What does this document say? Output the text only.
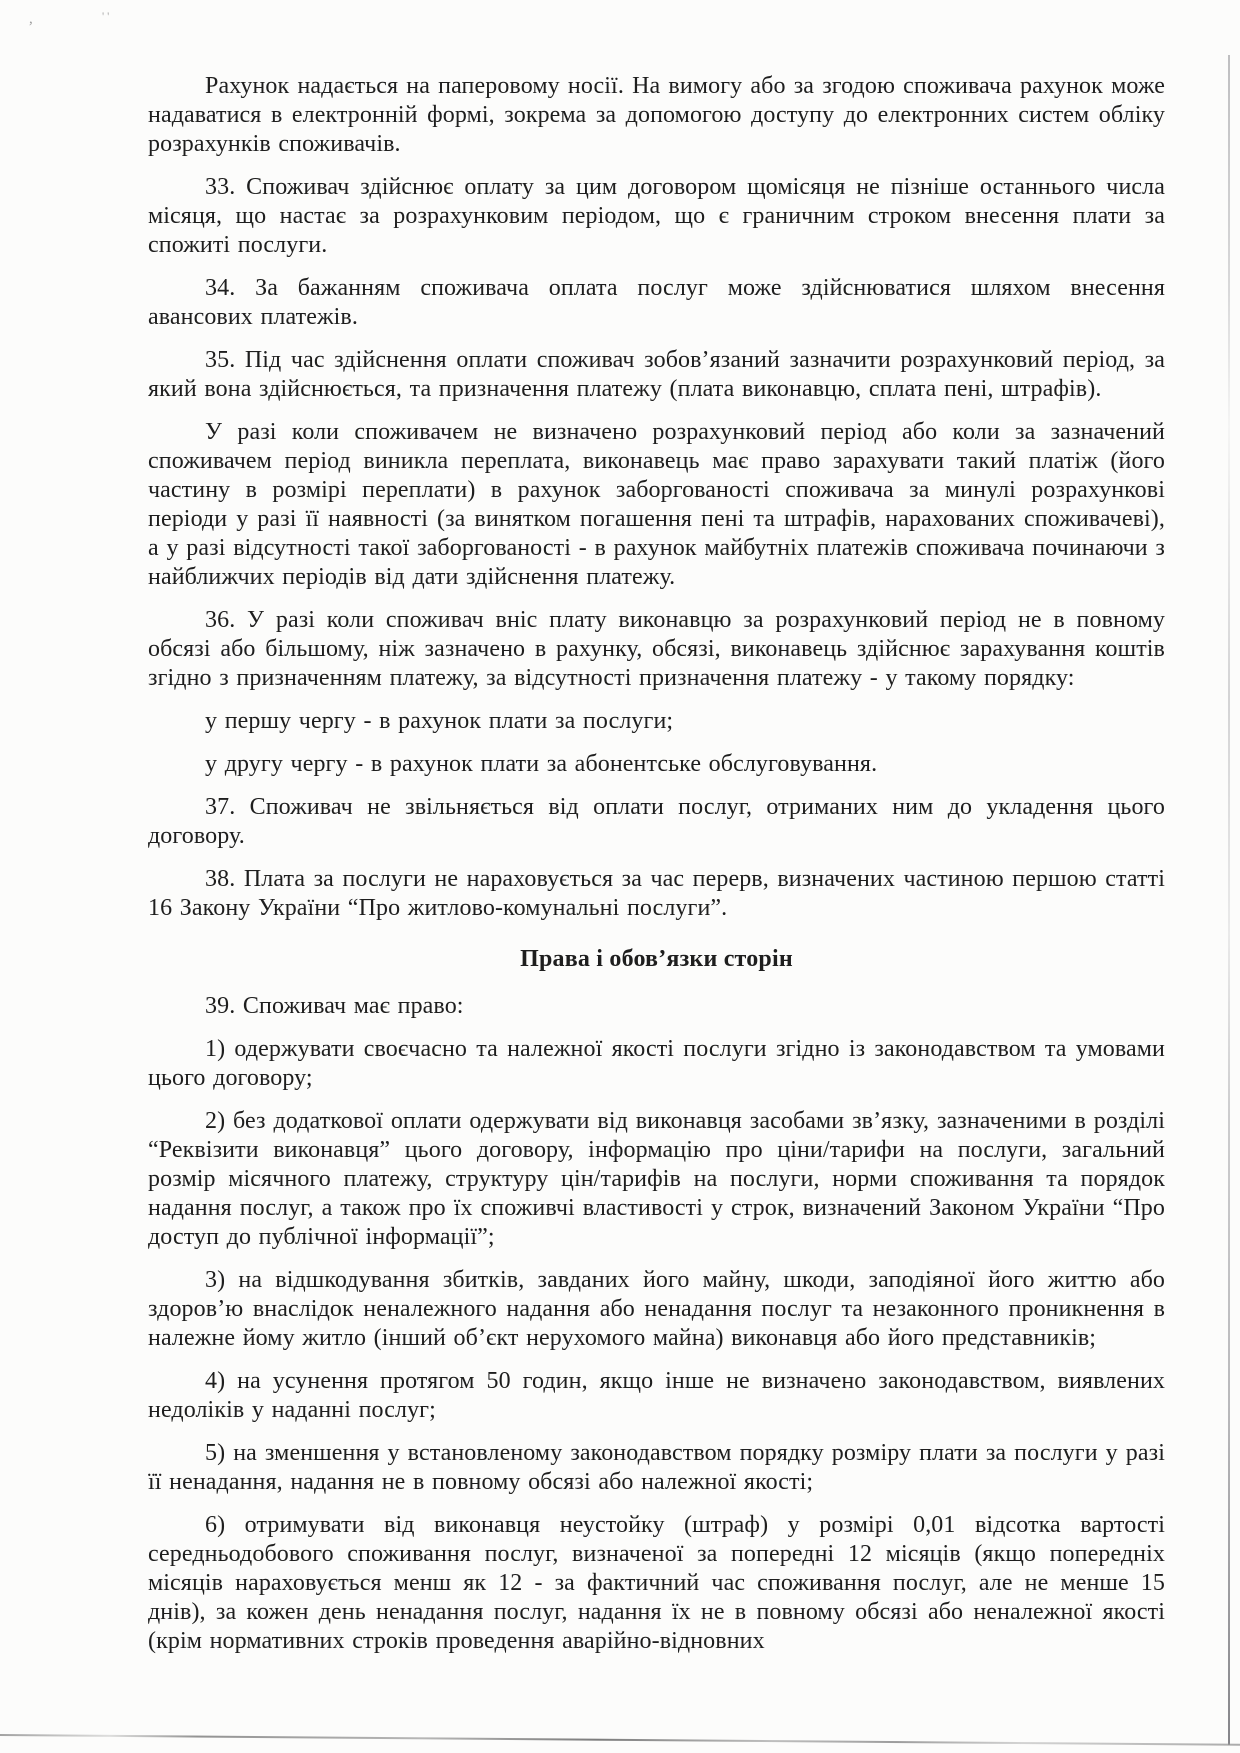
,	''

Рахунок надається на паперовому носії. На вимогу або за згодою споживача рахунок може надаватися в електронній формі, зокрема за допомогою доступу до електронних систем обліку розрахунків споживачів.

33. Споживач здійснює оплату за цим договором щомісяця не пізніше останнього числа місяця, що настає за розрахунковим періодом, що є граничним строком внесення плати за спожиті послуги.

34. За бажанням споживача оплата послуг може здійснюватися шляхом внесення авансових платежів.

35. Під час здійснення оплати споживач зобов’язаний зазначити розрахунковий період, за який вона здійснюється, та призначення платежу (плата виконавцю, сплата пені, штрафів).

У разі коли споживачем не визначено розрахунковий період або коли за зазначений споживачем період виникла переплата, виконавець має право зарахувати такий платіж (його частину в розмірі переплати) в рахунок заборгованості споживача за минулі розрахункові періоди у разі її наявності (за винятком погашення пені та штрафів, нарахованих споживачеві), а у разі відсутності такої заборгованості - в рахунок майбутніх платежів споживача починаючи з найближчих періодів від дати здійснення платежу.

36. У разі коли споживач вніс плату виконавцю за розрахунковий період не в повному обсязі або більшому, ніж зазначено в рахунку, обсязі, виконавець здійснює зарахування коштів згідно з призначенням платежу, за відсутності призначення платежу - у такому порядку:

у першу чергу - в рахунок плати за послуги;

у другу чергу - в рахунок плати за абонентське обслуговування.

37. Споживач не звільняється від оплати послуг, отриманих ним до укладення цього договору.

38. Плата за послуги не нараховується за час перерв, визначених частиною першою статті 16 Закону України “Про житлово-комунальні послуги”.

Права і обов’язки сторін

39. Споживач має право:

1) одержувати своєчасно та належної якості послуги згідно із законодавством та умовами цього договору;

2) без додаткової оплати одержувати від виконавця засобами зв’язку, зазначеними в розділі “Реквізити виконавця” цього договору, інформацію про ціни/тарифи на послуги, загальний розмір місячного платежу, структуру цін/тарифів на послуги, норми споживання та порядок надання послуг, а також про їх споживчі властивості у строк, визначений Законом України “Про доступ до публічної інформації”;

3) на відшкодування збитків, завданих його майну, шкоди, заподіяної його життю або здоров’ю внаслідок неналежного надання або ненадання послуг та незаконного проникнення в належне йому житло (інший об’єкт нерухомого майна) виконавця або його представників;

4) на усунення протягом 50 годин, якщо інше не визначено законодавством, виявлених недоліків у наданні послуг;

5) на зменшення у встановленому законодавством порядку розміру плати за послуги у разі її ненадання, надання не в повному обсязі або належної якості;

6) отримувати від виконавця неустойку (штраф) у розмірі 0,01 відсотка вартості середньодобового споживання послуг, визначеної за попередні 12 місяців (якщо попередніх місяців нараховується менш як 12 - за фактичний час споживання послуг, але не менше 15 днів), за кожен день ненадання послуг, надання їх не в повному обсязі або неналежної якості (крім нормативних строків проведення аварійно-відновних
